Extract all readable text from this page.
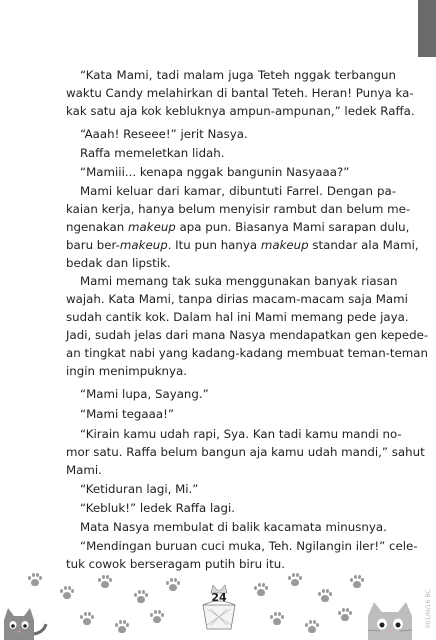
“Kata Mami, tadi malam juga Teteh nggak terbangun
waktu Candy melahirkan di bantal Teteh. Heran! Punya ka-
kak satu aja kok kebluknya ampun-ampunan,” ledek Raffa.
“Aaah! Reseee!” jerit Nasya.
Raffa memeletkan lidah.
“Mamiii... kenapa nggak bangunin Nasyaaa?”
Mami keluar dari kamar, dibuntuti Farrel. Dengan pa-
kaian kerja, hanya belum menyisir rambut dan belum me-
ngenakan makeup apa pun. Biasanya Mami sarapan dulu,
baru ber-makeup. Itu pun hanya makeup standar ala Mami,
bedak dan lipstik.
Mami memang tak suka menggunakan banyak riasan
wajah. Kata Mami, tanpa dirias macam-macam saja Mami
sudah cantik kok. Dalam hal ini Mami memang pede jaya.
Jadi, sudah jelas dari mana Nasya mendapatkan gen kepede-
an tingkat nabi yang kadang-kadang membuat teman-teman
ingin menimpuknya.
“Mami lupa, Sayang.”
“Mami tegaaa!”
“Kirain kamu udah rapi, Sya. Kan tadi kamu mandi no-
mor satu. Raffa belum bangun aja kamu udah mandi,” sahut
Mami.
“Ketiduran lagi, Mi.”
“Kebluk!” ledek Raffa lagi.
Mata Nasya membulat di balik kacamata minusnya.
“Mendingan buruan cuci muka, Teh. Ngilangin iler!” cele-
tuk cowok berseragam putih biru itu.
24	001/III/16 BC
